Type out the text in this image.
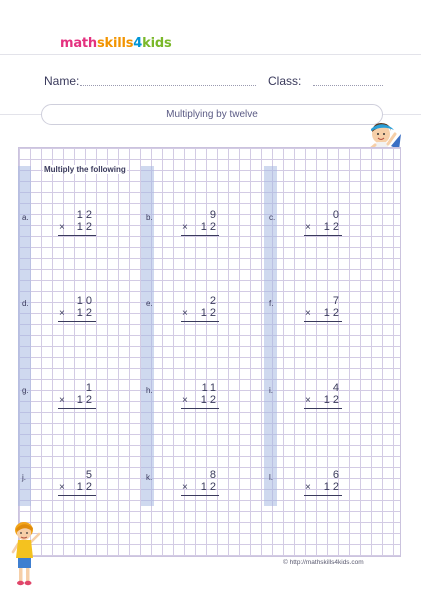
mathskills4kids
Name:	Class:
Multiplying by twelve
Multiply the following
a.	12
×	12
b.	9
×	12
c.	0
×	12
d.	10
×	12
e.	2
×	12
f.	7
×	12
g.	1
×	12
h.	11
×	12
i.	4
×	12
j.	5
×	12
k.	8
×	12
l.	6
×	12
© http://mathskills4kids.com
